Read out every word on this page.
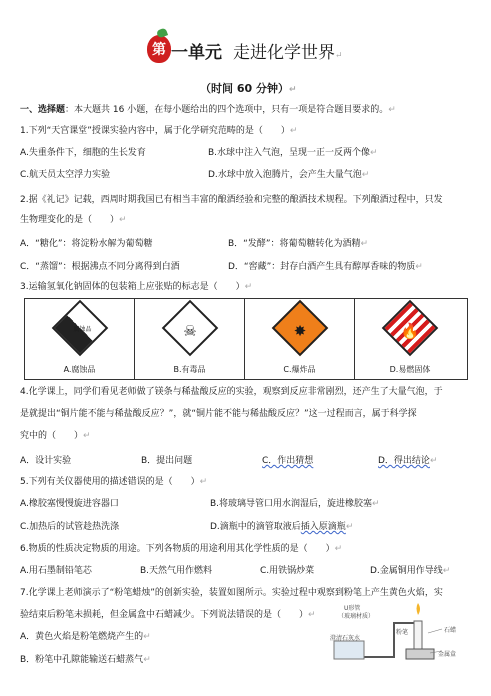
第 一单元 走进化学世界↵
（时间 60 分钟）↵
一、选择题：本大题共 16 小题，在每小题给出的四个选项中，只有一项是符合题目要求的。↵
1.下列“天宫课堂”授课实验内容中，属于化学研究范畴的是（　　）↵
A.失重条件下，细胞的生长发育	B.水球中注入气泡，呈现一正一反两个像↵
C.航天员太空浮力实验	D.水球中放入泡腾片，会产生大量气泡↵
2.据《礼记》记载，西周时期我国已有相当丰富的酿酒经验和完整的酿酒技术规程。下列酿酒过程中，只发
生物理变化的是（　　）↵
A．“糖化”：将淀粉水解为葡萄糖	B．“发酵”：将葡萄糖转化为酒精↵
C．“蒸馏”：根据沸点不同分离得到白酒	D．“窖藏”：封存白酒产生具有醇厚香味的物质↵
3.运输氢氧化钠固体的包装箱上应张贴的标志是（　　）↵
腐蚀品
A.腐蚀品
☠
B.有毒品
✸
C.爆炸品
🔥
D.易燃固体
4.化学课上，同学们看见老师做了镁条与稀盐酸反应的实验，观察到反应非常剧烈，还产生了大量气泡，于
是就提出“铜片能不能与稀盐酸反应？”，就“铜片能不能与稀盐酸反应？”这一过程而言，属于科学探
究中的（　　）↵
A．设计实验	B．提出问题	C．作出猜想	D．得出结论↵
5.下列有关仪器使用的描述错误的是（　　）↵
A.橡胶塞慢慢旋进容器口	B.将玻璃导管口用水润湿后，旋进橡胶塞↵
C.加热后的试管趁热洗涤	D.滴瓶中的滴管取液后插入原滴瓶↵
6.物质的性质决定物质的用途。下列各物质的用途利用其化学性质的是（　　）↵
A.用石墨制铅笔芯	B.天然气用作燃料	C.用铁锅炒菜	D.金属铜用作导线↵
7.化学课上老师演示了“粉笔蜡烛”的创新实验，装置如图所示。实验过程中观察到粉笔上产生黄色火焰，实
验结束后粉笔未损耗，但金属盒中石蜡减少。下列说法错误的是（　　）↵
A．黄色火焰是粉笔燃烧产生的↵
B．粉笔中孔隙能输送石蜡蒸气↵
U形管
（玻璃材质）
粉笔	石蜡
澄清石灰水
金属盒
